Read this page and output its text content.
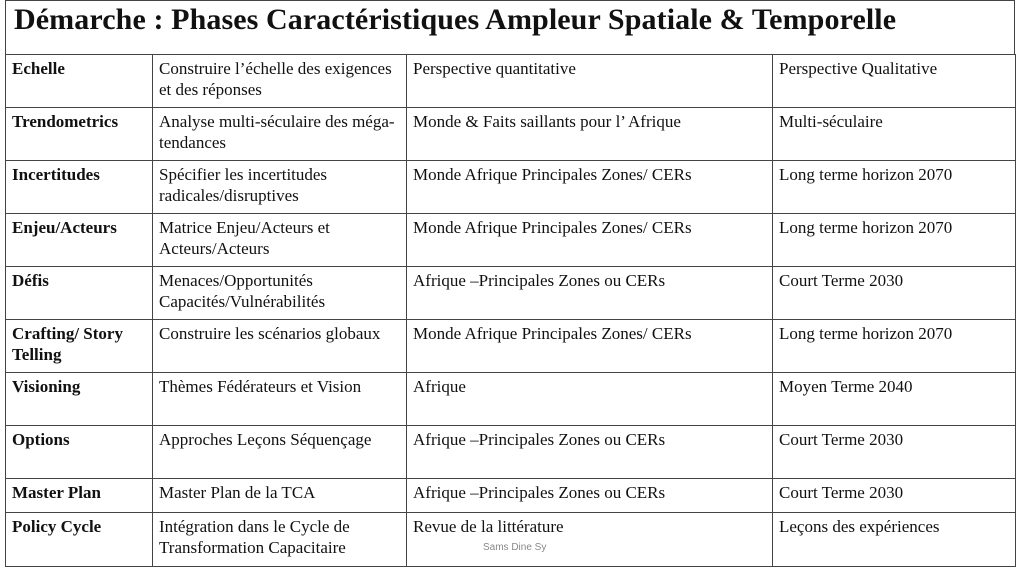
Démarche : Phases Caractéristiques Ampleur Spatiale & Temporelle
Echelle	Construire l’échelle des exigences et des réponses	Perspective quantitative	Perspective Qualitative
Trendometrics	Analyse multi-séculaire des méga-tendances	Monde & Faits saillants pour l’ Afrique	Multi-séculaire
Incertitudes	Spécifier les incertitudes radicales/disruptives	Monde Afrique Principales Zones/ CERs	Long terme horizon 2070
Enjeu/Acteurs	Matrice Enjeu/Acteurs et Acteurs/Acteurs	Monde Afrique Principales Zones/ CERs	Long terme horizon 2070
Défis	Menaces/Opportunités Capacités/Vulnérabilités	Afrique –Principales Zones ou CERs	Court Terme 2030
Crafting/ Story Telling	Construire les scénarios globaux	Monde Afrique Principales Zones/ CERs	Long terme horizon 2070
Visioning	Thèmes Fédérateurs et Vision	Afrique	Moyen Terme 2040
Options	Approches Leçons Séquençage	Afrique –Principales Zones ou CERs	Court Terme 2030
Master Plan	Master Plan de la TCA	Afrique –Principales Zones ou CERs	Court Terme 2030
Policy Cycle	Intégration dans le Cycle de Transformation Capacitaire	Revue de la littérature	Leçons des expériences
Sams Dine Sy
